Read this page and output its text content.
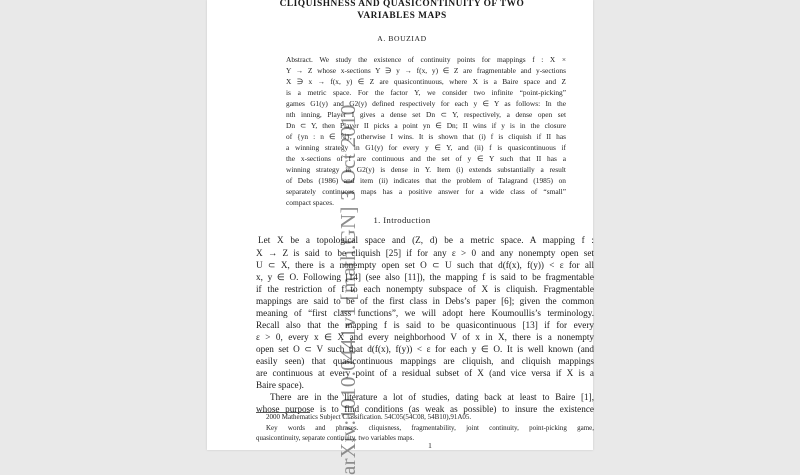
arXiv:1010.0441v1 [math.GN] 3 Oct 2010
CLIQUISHNESS AND QUASICONTINUITY OF TWO
VARIABLES MAPS
A. BOUZIAD
Abstract. We study the existence of continuity points for mappings f : X ×
Y → Z whose x-sections Y ∋ y → f(x, y) ∈ Z are fragmentable and y-sections
X ∋ x → f(x, y) ∈ Z are quasicontinuous, where X is a Baire space and Z
is a metric space. For the factor Y, we consider two infinite “point-picking”
games G1(y) and G2(y) defined respectively for each y ∈ Y as follows: In the
nth inning, Player I gives a dense set Dn ⊂ Y, respectively, a dense open set
Dn ⊂ Y, then Player II picks a point yn ∈ Dn; II wins if y is in the closure
of {yn : n ∈ ℕ}, otherwise I wins. It is shown that (i) f is cliquish if II has
a winning strategy in G1(y) for every y ∈ Y, and (ii) f is quasicontinuous if
the x-sections of f are continuous and the set of y ∈ Y such that II has a
winning strategy in G2(y) is dense in Y. Item (i) extends substantially a result
of Debs (1986) and item (ii) indicates that the problem of Talagrand (1985) on
separately continuous maps has a positive answer for a wide class of “small”
compact spaces.
1. Introduction
Let X be a topological space and (Z, d) be a metric space. A mapping f :
X → Z is said to be cliquish [25] if for any ε > 0 and any nonempty open set
U ⊂ X, there is a nonempty open set O ⊂ U such that d(f(x), f(y)) < ε for all
x, y ∈ O. Following [14] (see also [11]), the mapping f is said to be fragmentable
if the restriction of f to each nonempty subspace of X is cliquish. Fragmentable
mappings are said to be of the first class in Debs’s paper [6]; given the common
meaning of “first class functions”, we will adopt here Koumoullis’s terminology.
Recall also that the mapping f is said to be quasicontinuous [13] if for every
ε > 0, every x ∈ X and every neighborhood V of x in X, there is a nonempty
open set O ⊂ V such that d(f(x), f(y)) < ε for each y ∈ O. It is well known (and
easily seen) that quasicontinuous mappings are cliquish, and cliquish mappings
are continuous at every point of a residual subset of X (and vice versa if X is a
Baire space).
There are in the literature a lot of studies, dating back at least to Baire [1],
whose purpose is to find conditions (as weak as possible) to insure the existence
2000 Mathematics Subject Classification. 54C05(54C08, 54B10),91A05.
Key words and phrases. cliquisness, fragmentability, joint continuity, point-picking game,
quasicontinuity, separate continuity, two variables maps.
1
